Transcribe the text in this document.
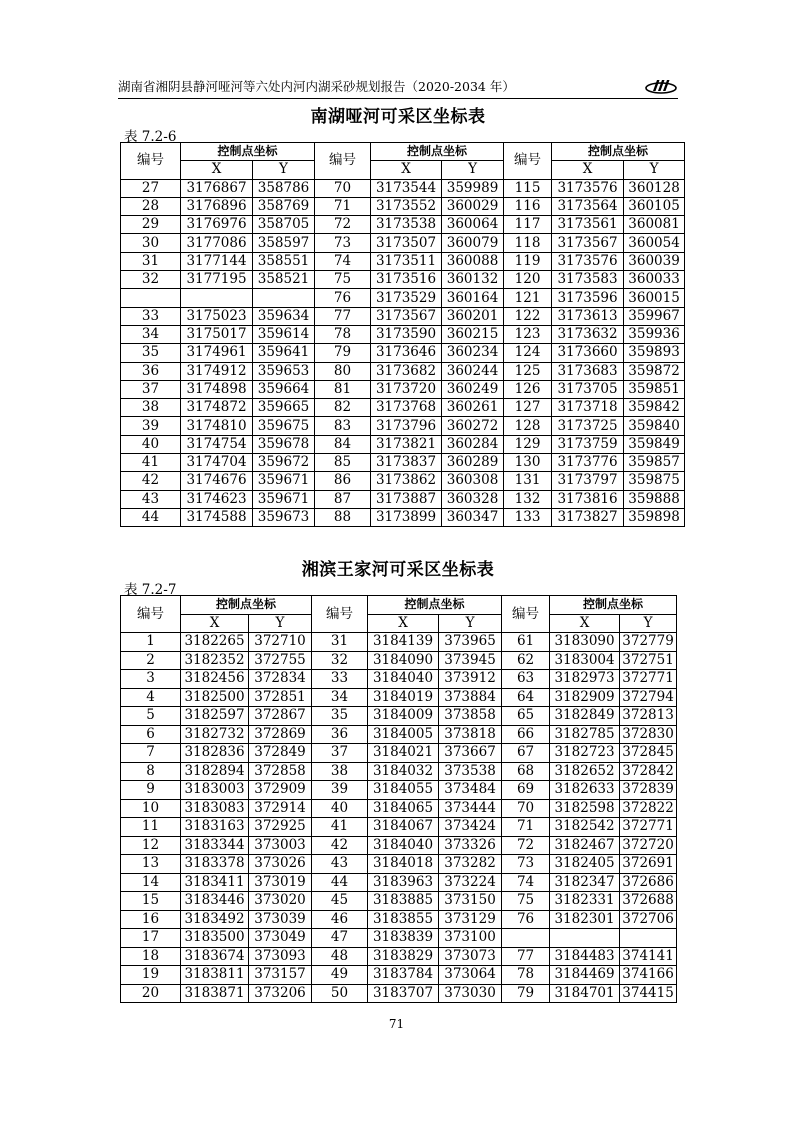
湖南省湘阴县静河哑河等六处内河内湖采砂规划报告（2020-2034 年）
南湖哑河可采区坐标表
表 7.2-6
编号	控制点坐标		编号	控制点坐标		编号	控制点坐标	
	X	Y		X	Y		X	Y
27	3176867	358786	70	3173544	359989	115	3173576	360128
28	3176896	358769	71	3173552	360029	116	3173564	360105
29	3176976	358705	72	3173538	360064	117	3173561	360081
30	3177086	358597	73	3173507	360079	118	3173567	360054
31	3177144	358551	74	3173511	360088	119	3173576	360039
32	3177195	358521	75	3173516	360132	120	3173583	360033
			76	3173529	360164	121	3173596	360015
33	3175023	359634	77	3173567	360201	122	3173613	359967
34	3175017	359614	78	3173590	360215	123	3173632	359936
35	3174961	359641	79	3173646	360234	124	3173660	359893
36	3174912	359653	80	3173682	360244	125	3173683	359872
37	3174898	359664	81	3173720	360249	126	3173705	359851
38	3174872	359665	82	3173768	360261	127	3173718	359842
39	3174810	359675	83	3173796	360272	128	3173725	359840
40	3174754	359678	84	3173821	360284	129	3173759	359849
41	3174704	359672	85	3173837	360289	130	3173776	359857
42	3174676	359671	86	3173862	360308	131	3173797	359875
43	3174623	359671	87	3173887	360328	132	3173816	359888
44	3174588	359673	88	3173899	360347	133	3173827	359898
湘滨王家河可采区坐标表
表 7.2-7
编号	控制点坐标		编号	控制点坐标		编号	控制点坐标	
	X	Y		X	Y		X	Y
1	3182265	372710	31	3184139	373965	61	3183090	372779
2	3182352	372755	32	3184090	373945	62	3183004	372751
3	3182456	372834	33	3184040	373912	63	3182973	372771
4	3182500	372851	34	3184019	373884	64	3182909	372794
5	3182597	372867	35	3184009	373858	65	3182849	372813
6	3182732	372869	36	3184005	373818	66	3182785	372830
7	3182836	372849	37	3184021	373667	67	3182723	372845
8	3182894	372858	38	3184032	373538	68	3182652	372842
9	3183003	372909	39	3184055	373484	69	3182633	372839
10	3183083	372914	40	3184065	373444	70	3182598	372822
11	3183163	372925	41	3184067	373424	71	3182542	372771
12	3183344	373003	42	3184040	373326	72	3182467	372720
13	3183378	373026	43	3184018	373282	73	3182405	372691
14	3183411	373019	44	3183963	373224	74	3182347	372686
15	3183446	373020	45	3183885	373150	75	3182331	372688
16	3183492	373039	46	3183855	373129	76	3182301	372706
17	3183500	373049	47	3183839	373100			
18	3183674	373093	48	3183829	373073	77	3184483	374141
19	3183811	373157	49	3183784	373064	78	3184469	374166
20	3183871	373206	50	3183707	373030	79	3184701	374415
71
